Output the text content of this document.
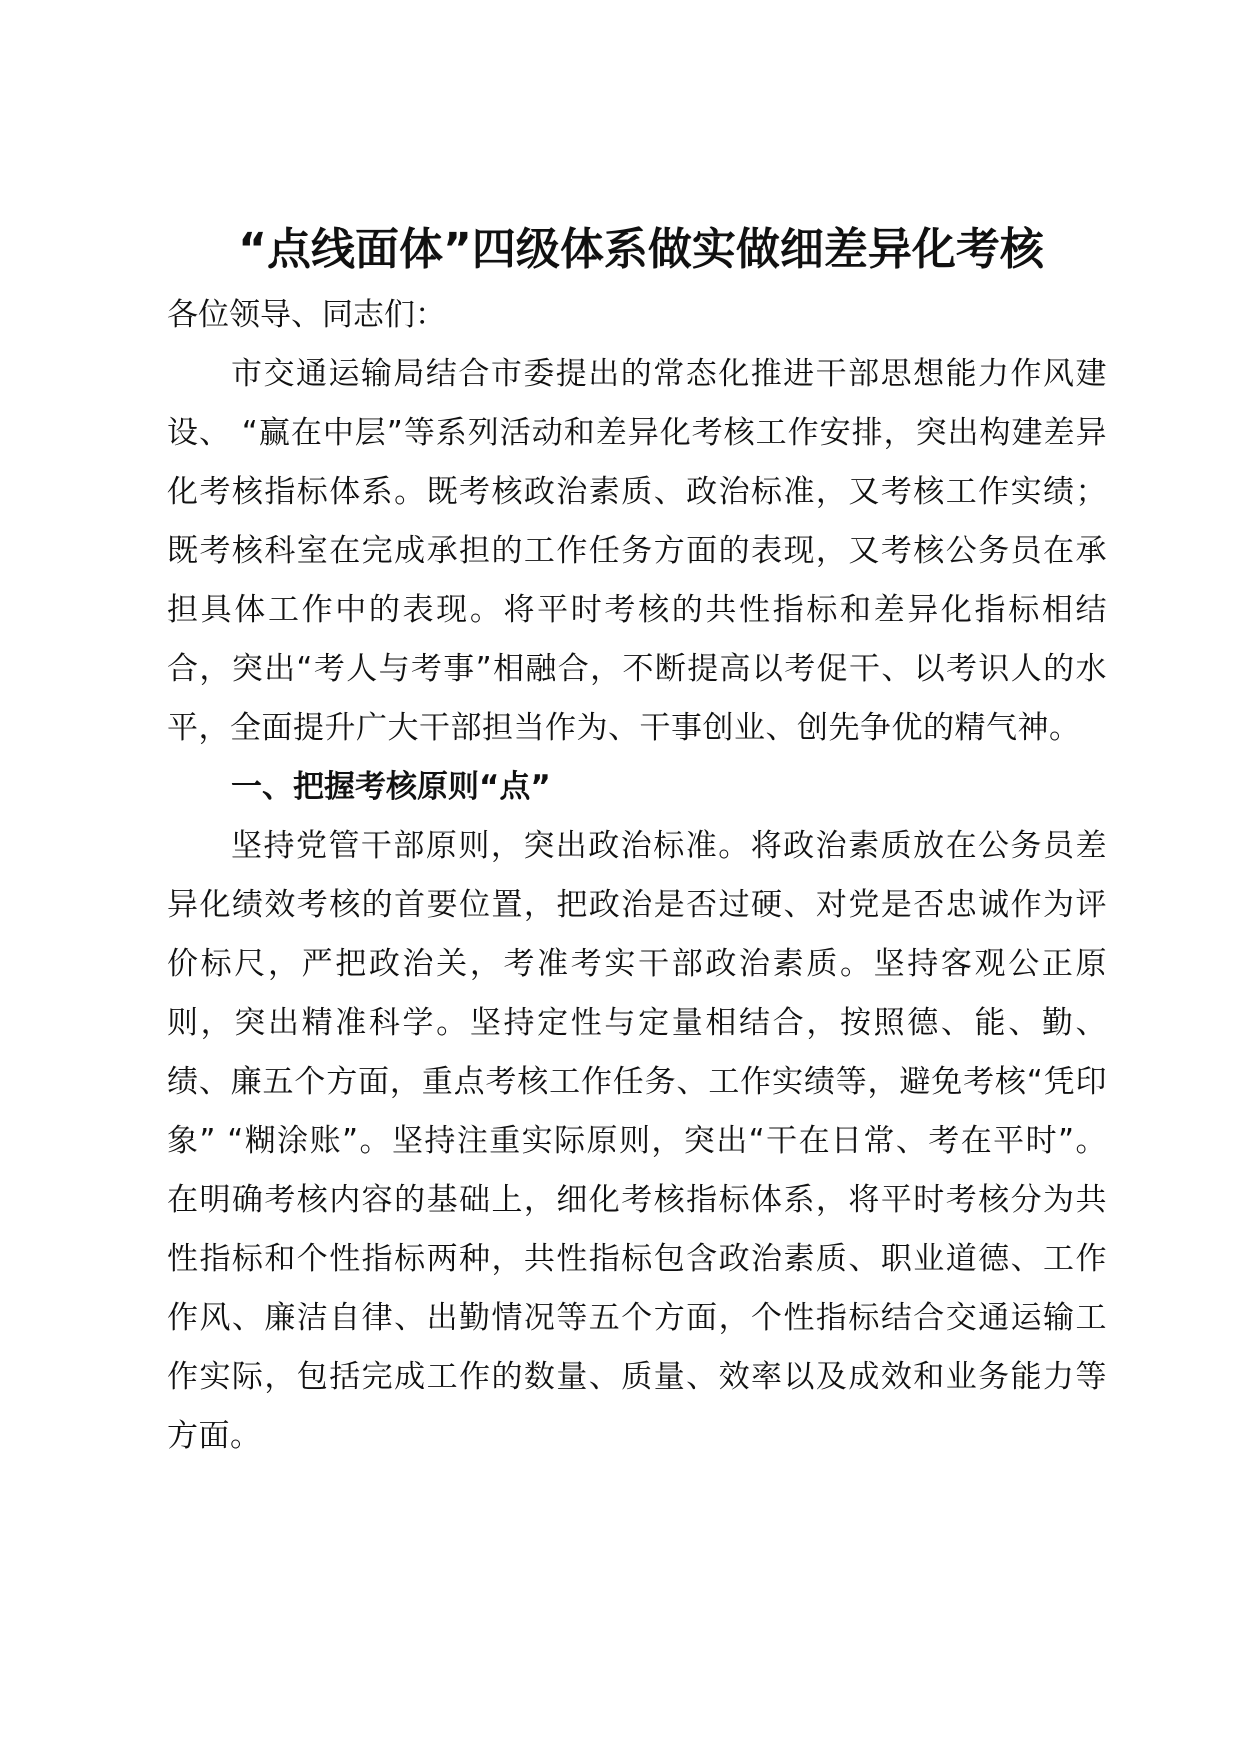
“点线面体”四级体系做实做细差异化考核

各位领导、同志们：

市交通运输局结合市委提出的常态化推进干部思想能力作风建设、 “赢在中层”等系列活动和差异化考核工作安排，突出构建差异化考核指标体系。既考核政治素质、政治标准，又考核工作实绩；既考核科室在完成承担的工作任务方面的表现，又考核公务员在承担具体工作中的表现。将平时考核的共性指标和差异化指标相结合，突出“考人与考事”相融合，不断提高以考促干、以考识人的水平，全面提升广大干部担当作为、干事创业、创先争优的精气神。

一、把握考核原则“点”

坚持党管干部原则，突出政治标准。将政治素质放在公务员差异化绩效考核的首要位置，把政治是否过硬、对党是否忠诚作为评价标尺，严把政治关，考准考实干部政治素质。坚持客观公正原则，突出精准科学。坚持定性与定量相结合，按照德、能、勤、绩、廉五个方面，重点考核工作任务、工作实绩等，避免考核“凭印象” “糊涂账”。坚持注重实际原则，突出“干在日常、考在平时”。在明确考核内容的基础上，细化考核指标体系，将平时考核分为共性指标和个性指标两种，共性指标包含政治素质、职业道德、工作作风、廉洁自律、出勤情况等五个方面，个性指标结合交通运输工作实际，包括完成工作的数量、质量、效率以及成效和业务能力等方面。
